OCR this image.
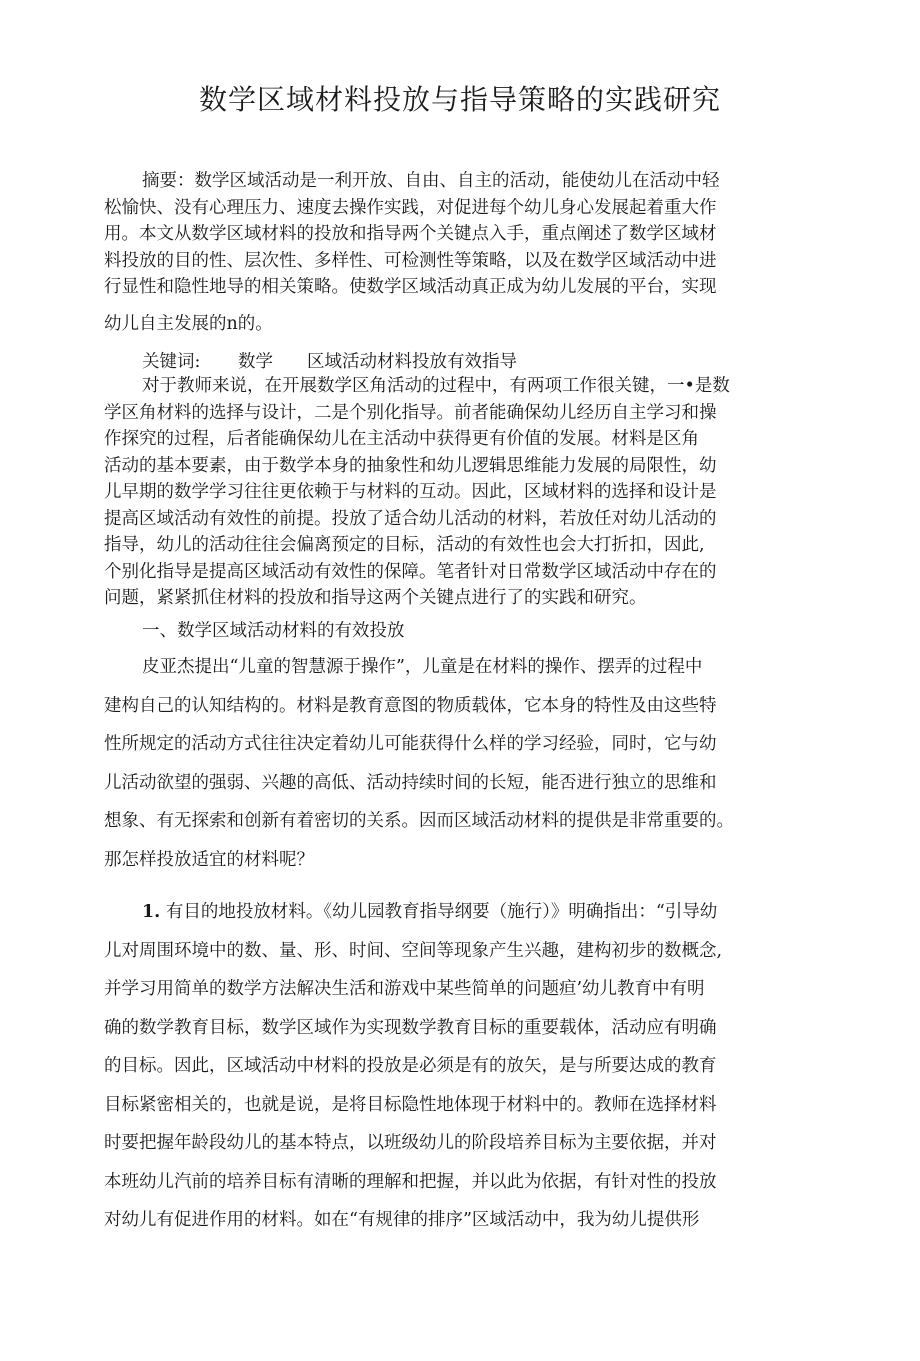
数学区域材料投放与指导策略的实践研究
摘要：数学区域活动是一利开放、自由、自主的活动，能使幼儿在活动中轻
松愉快、没有心理压力、速度去操作实践，对促进每个幼儿身心发展起着重大作
用。本文从数学区域材料的投放和指导两个关键点入手，重点阐述了数学区域材
料投放的目的性、层次性、多样性、可检测性等策略，以及在数学区域活动中进
行显性和隐性地导的相关策略。使数学区域活动真正成为幼儿发展的平台，实现
幼儿自主发展的n的。
关键词: 数学 区域活动材料投放有效指导
对于教师来说，在开展数学区角活动的过程中，有两项工作很关键，一•是数
学区角材料的选择与设计，二是个别化指导。前者能确保幼儿经历自主学习和操
作探究的过程，后者能确保幼儿在主活动中获得更有价值的发展。材料是区角
活动的基本要素，由于数学本身的抽象性和幼儿逻辑思维能力发展的局限性，幼
儿早期的数学学习往往更依赖于与材料的互动。因此，区域材料的选择和设计是
提高区域活动有效性的前提。投放了适合幼儿活动的材料，若放任对幼儿活动的
指导，幼儿的活动往往会偏离预定的目标，活动的有效性也会大打折扣，因此,
个别化指导是提高区域活动有效性的保障。笔者针对日常数学区域活动中存在的
问题，紧紧抓住材料的投放和指导这两个关键点进行了的实践和研究。
一、数学区域活动材料的有效投放
皮亚杰提出“儿童的智慧源于操作”，儿童是在材料的操作、摆弄的过程中
建构自己的认知结构的。材料是教育意图的物质载体，它本身的特性及由这些特
性所规定的活动方式往往决定着幼儿可能获得什么样的学习经验，同时，它与幼
儿活动欲望的强弱、兴趣的高低、活动持续时间的长短，能否进行独立的思维和
想象、有无探索和创新有着密切的关系。因而区域活动材料的提供是非常重要的。
那怎样投放适宜的材料呢？
1. 有目的地投放材料。《幼儿园教育指导纲要（施行）》明确指出：“引导幼
儿对周围环境中的数、量、形、时间、空间等现象产生兴趣，建构初步的数概念,
并学习用简单的数学方法解决生活和游戏中某些简单的问题疸’幼儿教育中有明
确的数学教育目标，数学区域作为实现数学教育目标的重要载体，活动应有明确
的目标。因此，区域活动中材料的投放是必须是有的放矢，是与所要达成的教育
目标紧密相关的，也就是说，是将目标隐性地体现于材料中的。教师在选择材料
时要把握年龄段幼儿的基本特点，以班级幼儿的阶段培养目标为主要依据，并对
本班幼儿汽前的培养目标有清晰的理解和把握，并以此为依据，有针对性的投放
对幼儿有促进作用的材料。如在“有规律的排序”区域活动中，我为幼儿提供形
